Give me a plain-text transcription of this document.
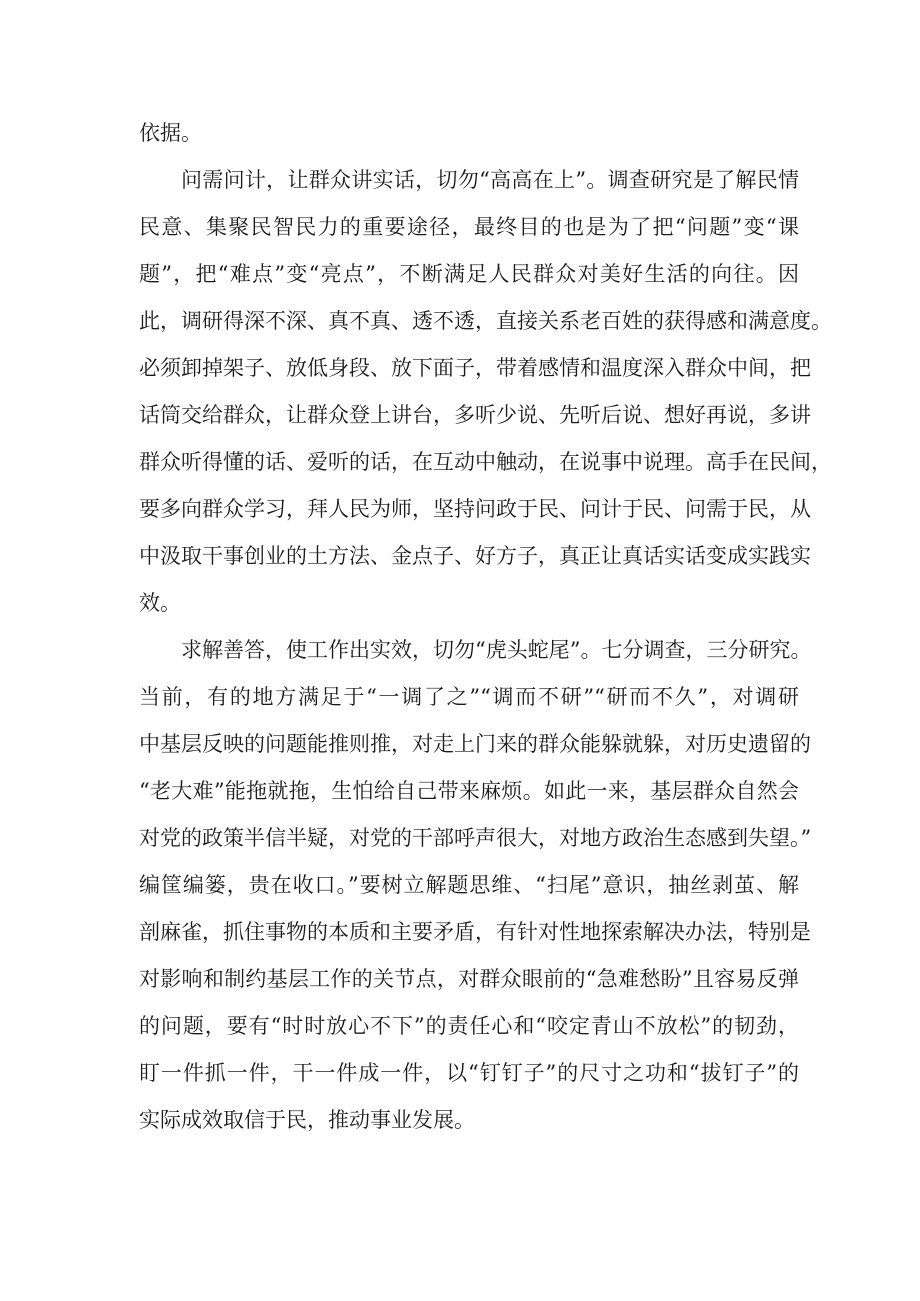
依据。
问需问计，让群众讲实话，切勿“高高在上”。调查研究是了解民情
民意、集聚民智民力的重要途径，最终目的也是为了把“问题”变“课
题”，把“难点”变“亮点”，不断满足人民群众对美好生活的向往。因
此，调研得深不深、真不真、透不透，直接关系老百姓的获得感和满意度。
必须卸掉架子、放低身段、放下面子，带着感情和温度深入群众中间，把
话筒交给群众，让群众登上讲台，多听少说、先听后说、想好再说，多讲
群众听得懂的话、爱听的话，在互动中触动，在说事中说理。高手在民间，
要多向群众学习，拜人民为师，坚持问政于民、问计于民、问需于民，从
中汲取干事创业的土方法、金点子、好方子，真正让真话实话变成实践实
效。
求解善答，使工作出实效，切勿“虎头蛇尾”。七分调查，三分研究。
当前，有的地方满足于“一调了之”“调而不研”“研而不久”，对调研
中基层反映的问题能推则推，对走上门来的群众能躲就躲，对历史遗留的
“老大难”能拖就拖，生怕给自己带来麻烦。如此一来，基层群众自然会
对党的政策半信半疑，对党的干部呼声很大，对地方政治生态感到失望。”
编筐编篓，贵在收口。”要树立解题思维、“扫尾”意识，抽丝剥茧、解
剖麻雀，抓住事物的本质和主要矛盾，有针对性地探索解决办法，特别是
对影响和制约基层工作的关节点，对群众眼前的“急难愁盼”且容易反弹
的问题，要有“时时放心不下”的责任心和“咬定青山不放松”的韧劲，
盯一件抓一件，干一件成一件，以“钉钉子”的尺寸之功和“拔钉子”的
实际成效取信于民，推动事业发展。
